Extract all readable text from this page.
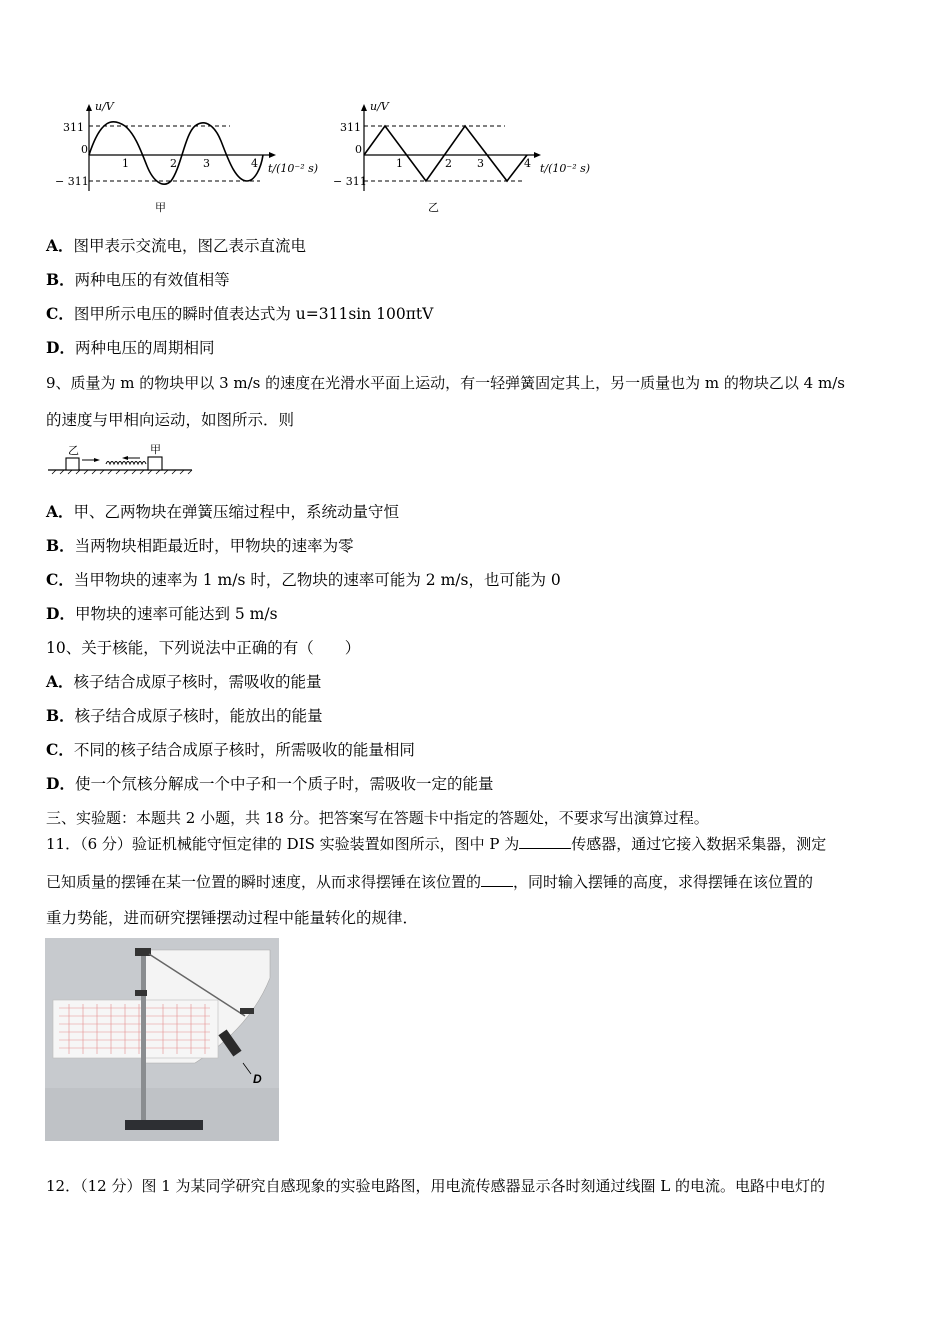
u/V
311
0
− 311
1	2 3	4 t/(10⁻² s)
甲
u/V
311
0
− 311
1	2 3	4 t/(10⁻² s)
乙
A．图甲表示交流电，图乙表示直流电
B．两种电压的有效值相等
C．图甲所示电压的瞬时值表达式为 u=311sin 100πtV
D．两种电压的周期相同
9、质量为 m 的物块甲以 3 m/s 的速度在光滑水平面上运动，有一轻弹簧固定其上，另一质量也为 m 的物块乙以 4 m/s
的速度与甲相向运动，如图所示．则
乙	甲
A．甲、乙两物块在弹簧压缩过程中，系统动量守恒
B．当两物块相距最近时，甲物块的速率为零
C．当甲物块的速率为 1 m/s 时，乙物块的速率可能为 2 m/s，也可能为 0
D．甲物块的速率可能达到 5 m/s
10、关于核能，下列说法中正确的有（　　）
A．核子结合成原子核时，需吸收的能量
B．核子结合成原子核时，能放出的能量
C．不同的核子结合成原子核时，所需吸收的能量相同
D．使一个氘核分解成一个中子和一个质子时，需吸收一定的能量
三、实验题：本题共 2 小题，共 18 分。把答案写在答题卡中指定的答题处，不要求写出演算过程。
11．（6 分）验证机械能守恒定律的 DIS 实验装置如图所示，图中 P 为	传感器，通过它接入数据采集器，测定
已知质量的摆锤在某一位置的瞬时速度，从而求得摆锤在该位置的 ，同时输入摆锤的高度，求得摆锤在该位置的
重力势能，进而研究摆锤摆动过程中能量转化的规律．
D
12．（12 分）图 1 为某同学研究自感现象的实验电路图，用电流传感器显示各时刻通过线圈 L 的电流。电路中电灯的
